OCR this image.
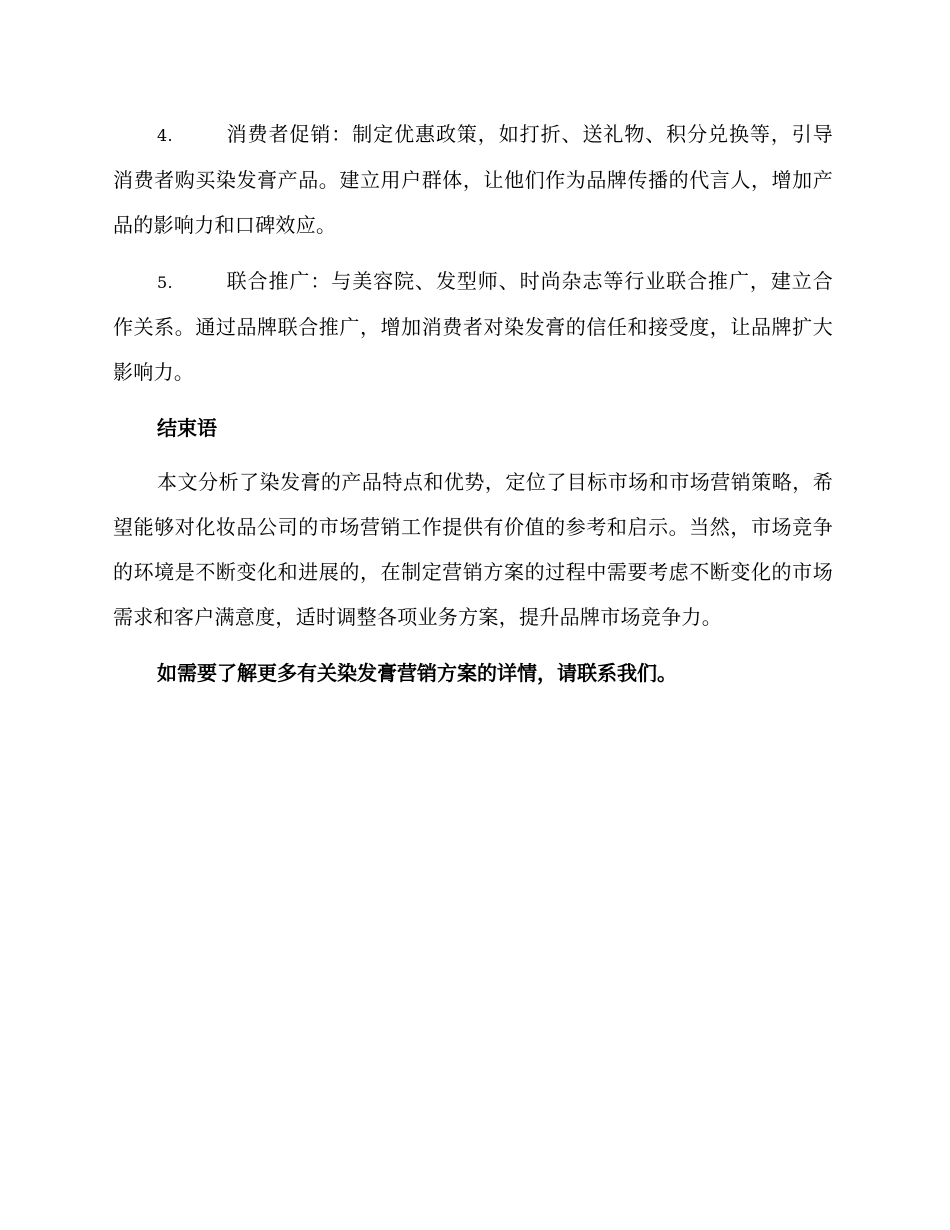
4.	消费者促销：制定优惠政策，如打折、送礼物、积分兑换等，引导消费者购买染发膏产品。建立用户群体，让他们作为品牌传播的代言人，增加产品的影响力和口碑效应。

5.	联合推广：与美容院、发型师、时尚杂志等行业联合推广，建立合作关系。通过品牌联合推广，增加消费者对染发膏的信任和接受度，让品牌扩大影响力。

结束语

本文分析了染发膏的产品特点和优势，定位了目标市场和市场营销策略，希望能够对化妆品公司的市场营销工作提供有价值的参考和启示。当然，市场竞争的环境是不断变化和进展的，在制定营销方案的过程中需要考虑不断变化的市场需求和客户满意度，适时调整各项业务方案，提升品牌市场竞争力。

如需要了解更多有关染发膏营销方案的详情，请联系我们。
